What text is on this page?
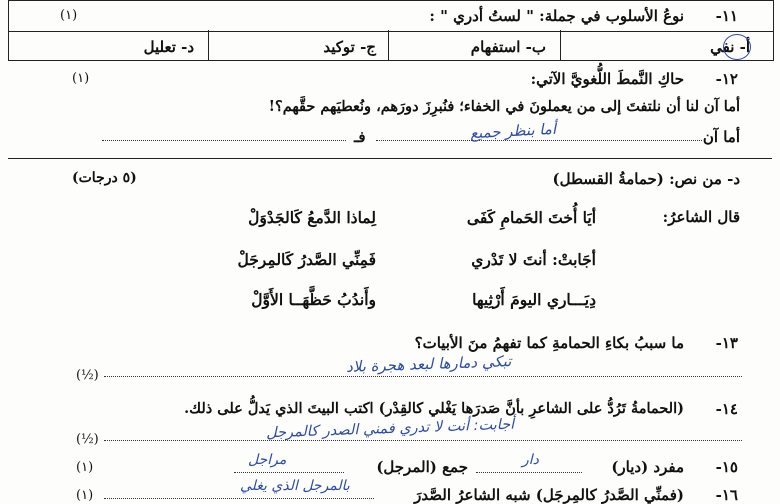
١١-
نوعُ الأسلوب في جملة: " لستُ أدري " :
(١)
أ- نفي
ب- استفهام
ج- توكيد
د- تعليل
١٢-
حاكِ النَّمطَ اللُّغويَّ الآتي:
(١)
أما آن لنا أن نلتفتَ إلى من يعملونَ في الخفاء؛ فنُبرِزَ دورَهم، ونُعطيَهم حقَّهم؟!
أما آن
أما بنظر جميع
فـ
د- من نص: (حمامةُ القسطل)
(٥ درجات)
قال الشاعرُ:
أيَا أُختَ الحَمامِ كَفَى
لِماذا الدَّمعُ كَالجَدْوَلْ
أجَابتْ: أنتَ لا تَدْري
فَمِنِّي الصَّدرُ كَالمِرجَلْ
دِيَـــاري اليومَ أَرْثِيها
وأَندُبُ حَظَّهَــا الأَوَّلْ
١٣-
ما سببُ بكاءِ الحمامةِ كما تفهمُ منَ الأبيات؟
تبكي دمارها لبعد هجرة بلاد
(½)
١٤-
(الحمامةُ تَرُدُّ على الشاعرِ بأنَّ صَدرَها يَغْلي كالقِدْر) اكتب البيتَ الذي يَدلُّ على ذلك.
أجابت: أنت لا تدري فمني الصدر كالمرجل
(½)
١٥-
مفرد (ديار)
دار
جمع (المرجل)
مراجل
(١)
١٦-
(فمنِّي الصَّدرُ كالمِرجَل) شبه الشاعرُ الصَّدرَ
بالمرجل الذي يغلي
(١)
